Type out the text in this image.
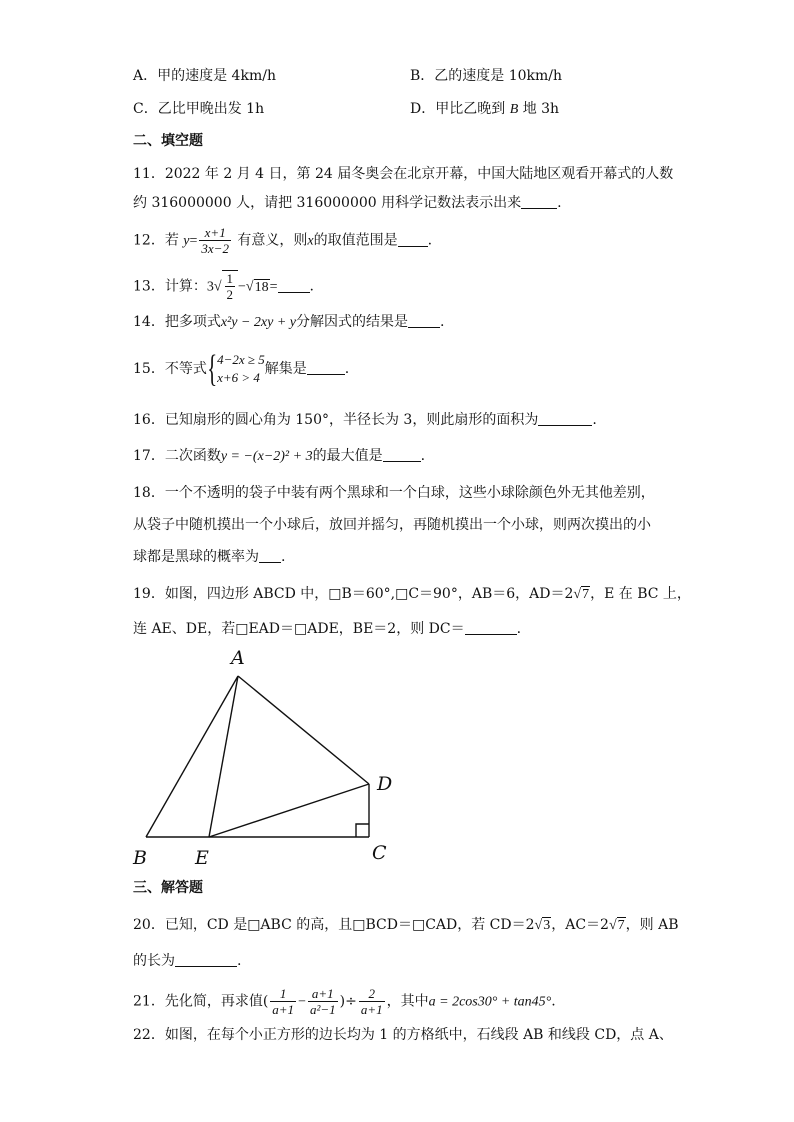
A．甲的速度是 4km/h	B．乙的速度是 10km/h
C．乙比甲晚出发 1h	D．甲比乙晚到 B 地 3h
二、填空题
11．2022 年 2 月 4 日，第 24 届冬奥会在北京开幕，中国大陆地区观看开幕式的人数
约 316000000 人，请把 316000000 用科学记数法表示出来	.
12．若 $y= \frac{x+1}{3x-2}$ 有意义，则x的取值范围是 .
13．计算：$3√ \frac{1}{2} -√18=$ .
14．把多项式x²y − 2xy + y分解因式的结果是 .
15．不等式{ 4−2x ≥ 5
x+6 > 4
解集是	.
16．已知扇形的圆心角为 150°，半径长为 3，则此扇形的面积为	.
17．二次函数y = −(x−2)² + 3的最大值是	.
18．一个不透明的袋子中装有两个黑球和一个白球，这些小球除颜色外无其他差别，
从袋子中随机摸出一个小球后，放回并摇匀，再随机摸出一个小球，则两次摸出的小
球都是黑球的概率为 .
19．如图，四边形 ABCD 中，□B＝60°,□C＝90°，AB＝6，AD＝2√7，E 在 BC 上，
连 AE、DE，若□EAD＝□ADE，BE＝2，则 DC＝	.
A
B	E	C
D
三、解答题
20．已知，CD 是□ABC 的高，且□BCD＝□CAD，若 CD＝2√3，AC＝2√7，则 AB
的长为	.
21．先化简，再求值( $\frac{1}{a+1} - \frac{a+1}{\text{a²−1}}$ )÷ $\frac{2}{a+1}$ ，其中a = 2cos30° + tan45°.
22．如图，在每个小正方形的边长均为 1 的方格纸中，石线段 AB 和线段 CD，点 A、
